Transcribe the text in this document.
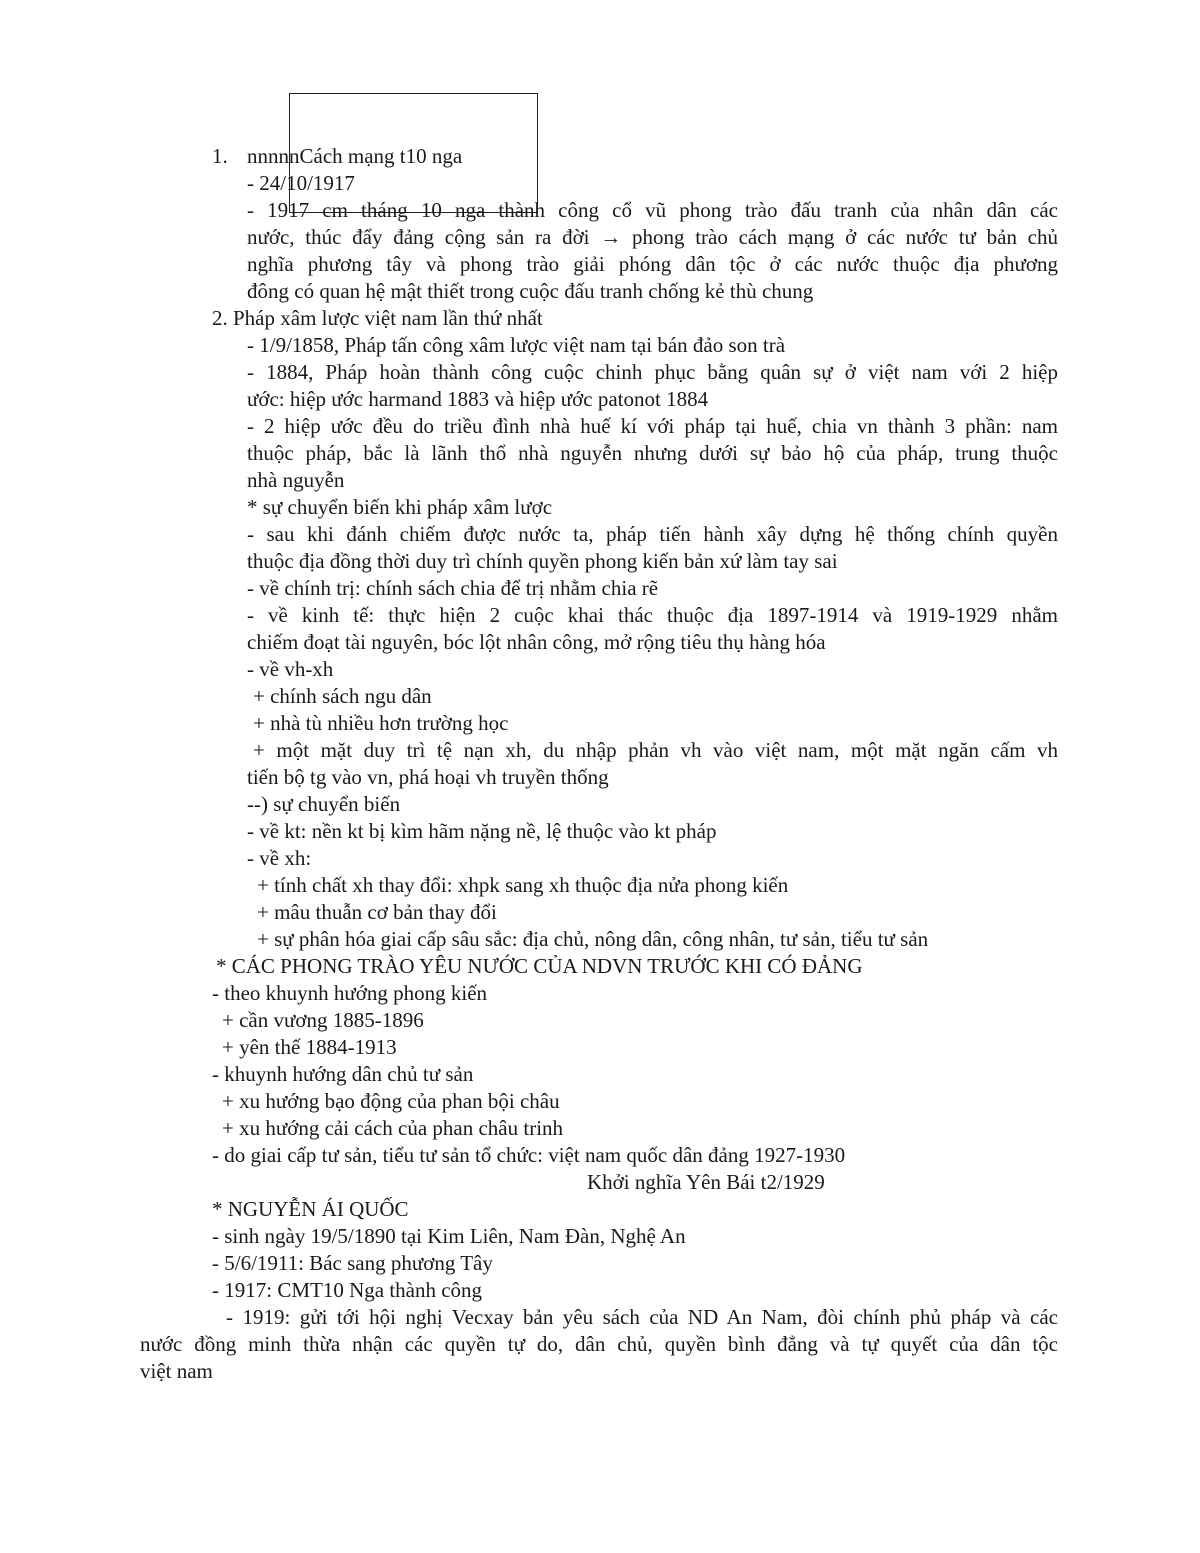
1. nnnnnCách mạng t10 nga
- 24/10/1917
- 1917 cm tháng 10 nga thành công cổ vũ phong trào đấu tranh của nhân dân các
nước, thúc đẩy đảng cộng sản ra đời → phong trào cách mạng ở các nước tư bản chủ
nghĩa phương tây và phong trào giải phóng dân tộc ở các nước thuộc địa phương
đông có quan hệ mật thiết trong cuộc đấu tranh chống kẻ thù chung
2. Pháp xâm lược việt nam lần thứ nhất
- 1/9/1858, Pháp tấn công xâm lược việt nam tại bán đảo son trà
- 1884, Pháp hoàn thành công cuộc chinh phục bằng quân sự ở việt nam với 2 hiệp
ước: hiệp ước harmand 1883 và hiệp ước patonot 1884
- 2 hiệp ước đều do triều đình nhà huế kí với pháp tại huế, chia vn thành 3 phần: nam
thuộc pháp, bắc là lãnh thổ nhà nguyễn nhưng dưới sự bảo hộ của pháp, trung thuộc
nhà nguyễn
* sự chuyển biến khi pháp xâm lược
- sau khi đánh chiếm được nước ta, pháp tiến hành xây dựng hệ thống chính quyền
thuộc địa đồng thời duy trì chính quyền phong kiến bản xứ làm tay sai
- về chính trị: chính sách chia để trị nhằm chia rẽ
- về kinh tế: thực hiện 2 cuộc khai thác thuộc địa 1897-1914 và 1919-1929 nhằm
chiếm đoạt tài nguyên, bóc lột nhân công, mở rộng tiêu thụ hàng hóa
- về vh-xh
+ chính sách ngu dân
+ nhà tù nhiều hơn trường học
+ một mặt duy trì tệ nạn xh, du nhập phản vh vào việt nam, một mặt ngăn cấm vh
tiến bộ tg vào vn, phá hoại vh truyền thống
--) sự chuyển biến
- về kt: nền kt bị kìm hãm nặng nề, lệ thuộc vào kt pháp
- về xh:
+ tính chất xh thay đổi: xhpk sang xh thuộc địa nửa phong kiến
+ mâu thuẫn cơ bản thay đổi
+ sự phân hóa giai cấp sâu sắc: địa chủ, nông dân, công nhân, tư sản, tiểu tư sản
* CÁC PHONG TRÀO YÊU NƯỚC CỦA NDVN TRƯỚC KHI CÓ ĐẢNG
- theo khuynh hướng phong kiến
+ cần vương 1885-1896
+ yên thế 1884-1913
- khuynh hướng dân chủ tư sản
+ xu hướng bạo động của phan bội châu
+ xu hướng cải cách của phan châu trinh
- do giai cấp tư sản, tiểu tư sản tổ chức: việt nam quốc dân đảng 1927-1930
Khởi nghĩa Yên Bái t2/1929
* NGUYỄN ÁI QUỐC
- sinh ngày 19/5/1890 tại Kim Liên, Nam Đàn, Nghệ An
- 5/6/1911: Bác sang phương Tây
- 1917: CMT10 Nga thành công
- 1919: gửi tới hội nghị Vecxay bản yêu sách của ND An Nam, đòi chính phủ pháp và các
nước đồng minh thừa nhận các quyền tự do, dân chủ, quyền bình đẳng và tự quyết của dân tộc
việt nam
